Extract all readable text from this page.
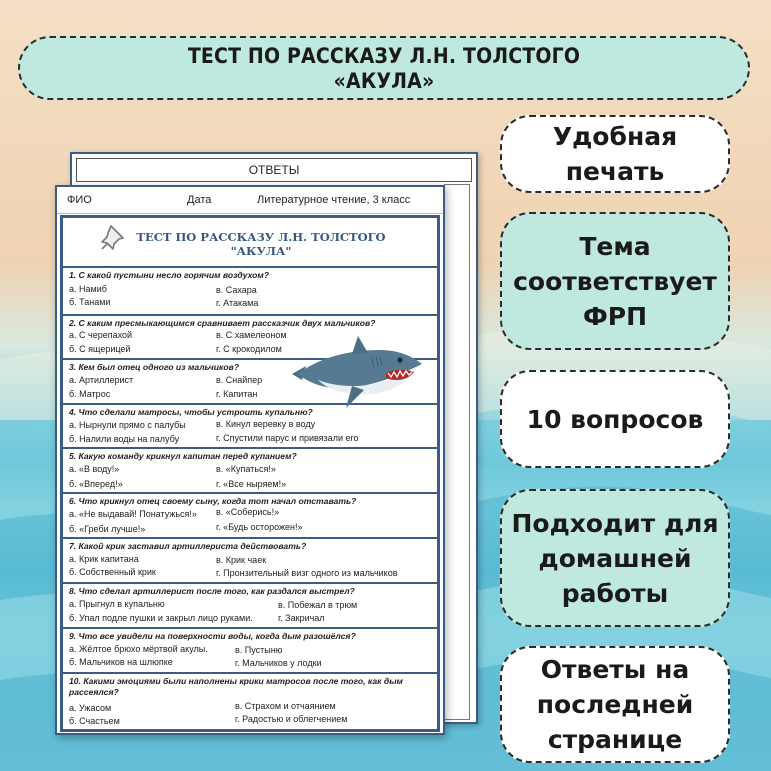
ТЕСТ ПО РАССКАЗУ Л.Н. ТОЛСТОГО
«АКУЛА»
Удобная
печать
Тема
соответствует
ФРП
10 вопросов
Подходит для
домашней
работы
Ответы на
последней
странице
ОТВЕТЫ
ФИО	Дата	Литературное чтение, 3 класс
ТЕСТ ПО РАССКАЗУ Л.Н. ТОЛСТОГО
"АКУЛА"
1. С какой пустыни несло горячим воздухом?
а. Намиб
б. Танами
в. Сахара
г. Атакама
2. С каким пресмыкающимся сравнивает рассказчик двух мальчиков?
а. С черепахой
б. С ящерицей
в. С хамелеоном
г. С крокодилом
3. Кем был отец одного из мальчиков?
а. Артиллерист
б. Матрос
в. Снайпер
г. Капитан
4. Что сделали матросы, чтобы устроить купальню?
а. Нырнули прямо с палубы
б. Налили воды на палубу
в. Кинул веревку в воду
г. Спустили парус и привязали его
5. Какую команду крикнул капитан перед купанием?
а. «В воду!»
б. «Вперед!»
в. «Купаться!»
г. «Все ныряем!»
6. Что крикнул отец своему сыну, когда тот начал отставать?
а. «Не выдавай! Понатужься!»
б. «Греби лучше!»
в. «Соберись!»
г. «Будь осторожен!»
7. Какой крик заставил артиллериста действовать?
а. Крик капитана
б. Собственный крик
в. Крик чаек
г. Пронзительный визг одного из мальчиков
8. Что сделал артиллерист после того, как раздался выстрел?
а. Прыгнул в купальню
б. Упал подле пушки и закрыл лицо руками.
в. Побежал в трюм
г. Закричал
9. Что все увидели на поверхности воды, когда дым разошёлся?
а. Жёлтое брюхо мёртвой акулы.
б. Мальчиков на шлюпке
в. Пустыню
г. Мальчиков у лодки
10. Какими эмоциями были наполнены крики матросов после того, как дым рассеялся?
а. Ужасом
б. Счастьем
в. Страхом и отчаянием
г. Радостью и облегчением
